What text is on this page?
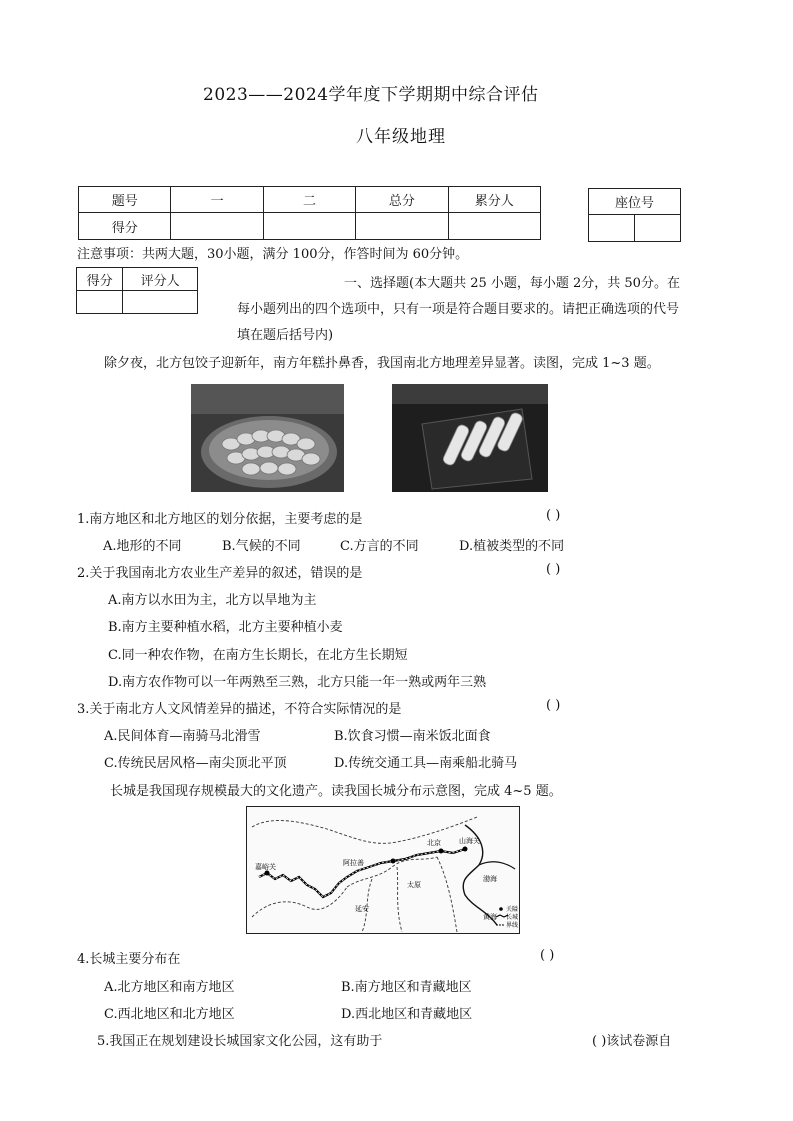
2023——2024学年度下学期期中综合评估
八年级地理
题号	一	二	总分	累分人
得分				
座位号

注意事项：共两大题，30小题，满分 100分，作答时间为 60分钟。
得分	评分人
		一、选择题(本大题共 25 小题，每小题 2分，共 50分。在
每小题列出的四个选项中，只有一项是符合题目要求的。请把正确选项的代号
填在题后括号内)
除夕夜，北方包饺子迎新年，南方年糕扑鼻香，我国南北方地理差异显著。读图，完成 1~3 题。
1.南方地区和北方地区的划分依据，主要考虑的是	( )
A.地形的不同	B.气候的不同	C.方言的不同	D.植被类型的不同
2.关于我国南北方农业生产差异的叙述，错误的是	( )
A.南方以水田为主，北方以旱地为主
B.南方主要种植水稻，北方主要种植小麦
C.同一种农作物，在南方生长期长，在北方生长期短
D.南方农作物可以一年两熟至三熟，北方只能一年一熟或两年三熟
3.关于南北方人文风情差异的描述，不符合实际情况的是	( )
A.民间体育—南骑马北滑雪	B.饮食习惯—南米饭北面食
C.传统民居风格—南尖顶北平顶	D.传统交通工具—南乘船北骑马
长城是我国现存规模最大的文化遗产。读我国长城分布示意图，完成 4~5 题。
山海关
北京
黄海
渤海
嘉峪关	阿拉善
延安
太原
关隘
长城
界线
4.长城主要分布在	( )
A.北方地区和南方地区	B.南方地区和青藏地区
C.西北地区和北方地区	D.西北地区和青藏地区
5.我国正在规划建设长城国家文化公园，这有助于	( )该试卷源自
